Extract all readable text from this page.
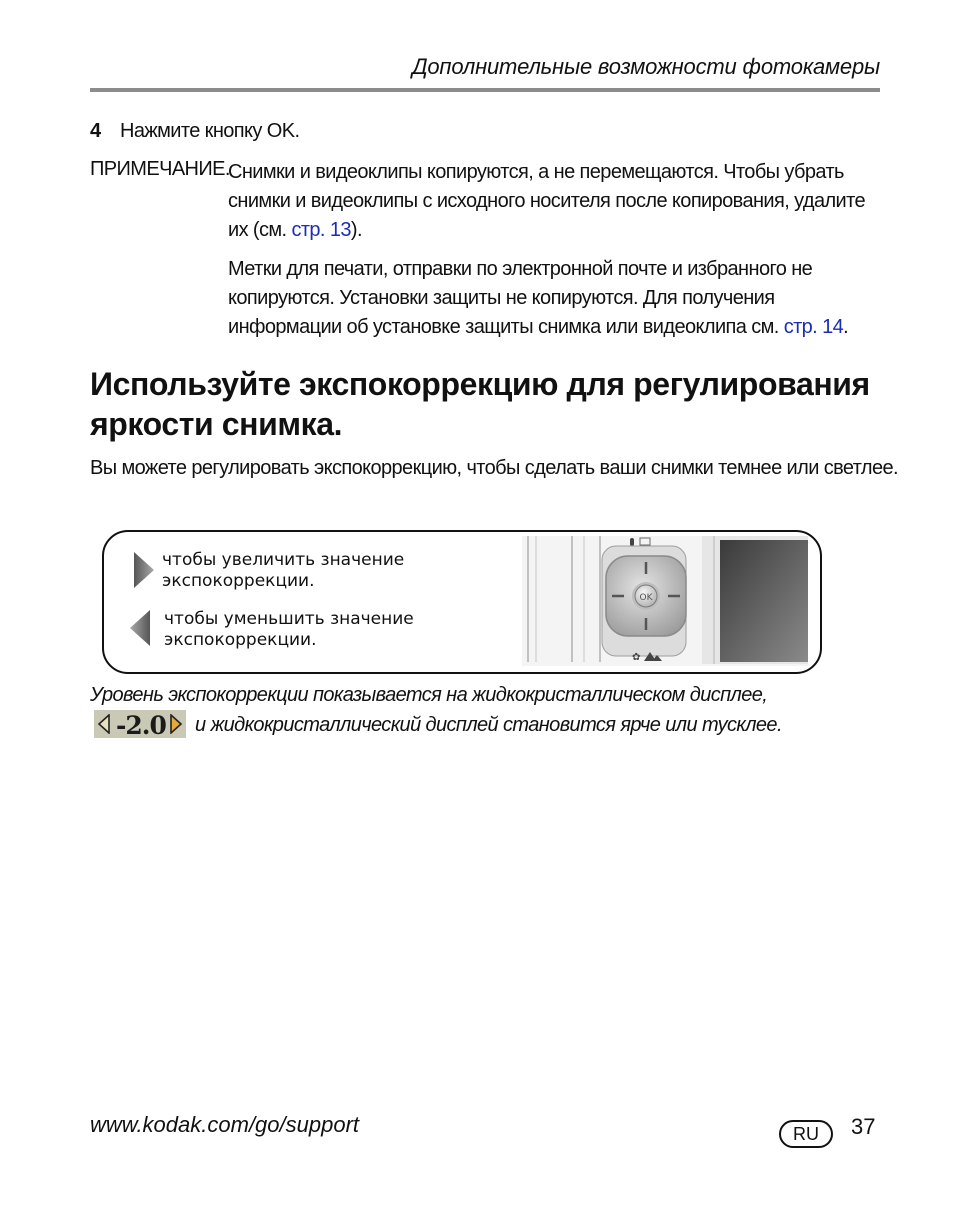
Дополнительные возможности фотокамеры
4 Нажмите кнопку OK.
ПРИМЕЧАНИЕ.

Снимки и видеоклипы копируются, а не перемещаются. Чтобы убрать снимки и видеоклипы с исходного носителя после копирования, удалите их (см. стр. 13).

Метки для печати, отправки по электронной почте и избранного не копируются. Установки защиты не копируются. Для получения информации об установке защиты снимка или видеоклипа см. стр. 14.

Используйте экспокоррекцию для регулирования яркости снимка.
Вы можете регулировать экспокоррекцию, чтобы сделать ваши снимки темнее или светлее.
чтобы увеличить значение
экспокоррекции.
чтобы уменьшить значение
экспокоррекции.
OK
✿
Уровень экспокоррекции показывается на жидкокристаллическом дисплее,
-2.0 и жидкокристаллический дисплей становится ярче или тусклее.
www.kodak.com/go/support	RU	37
